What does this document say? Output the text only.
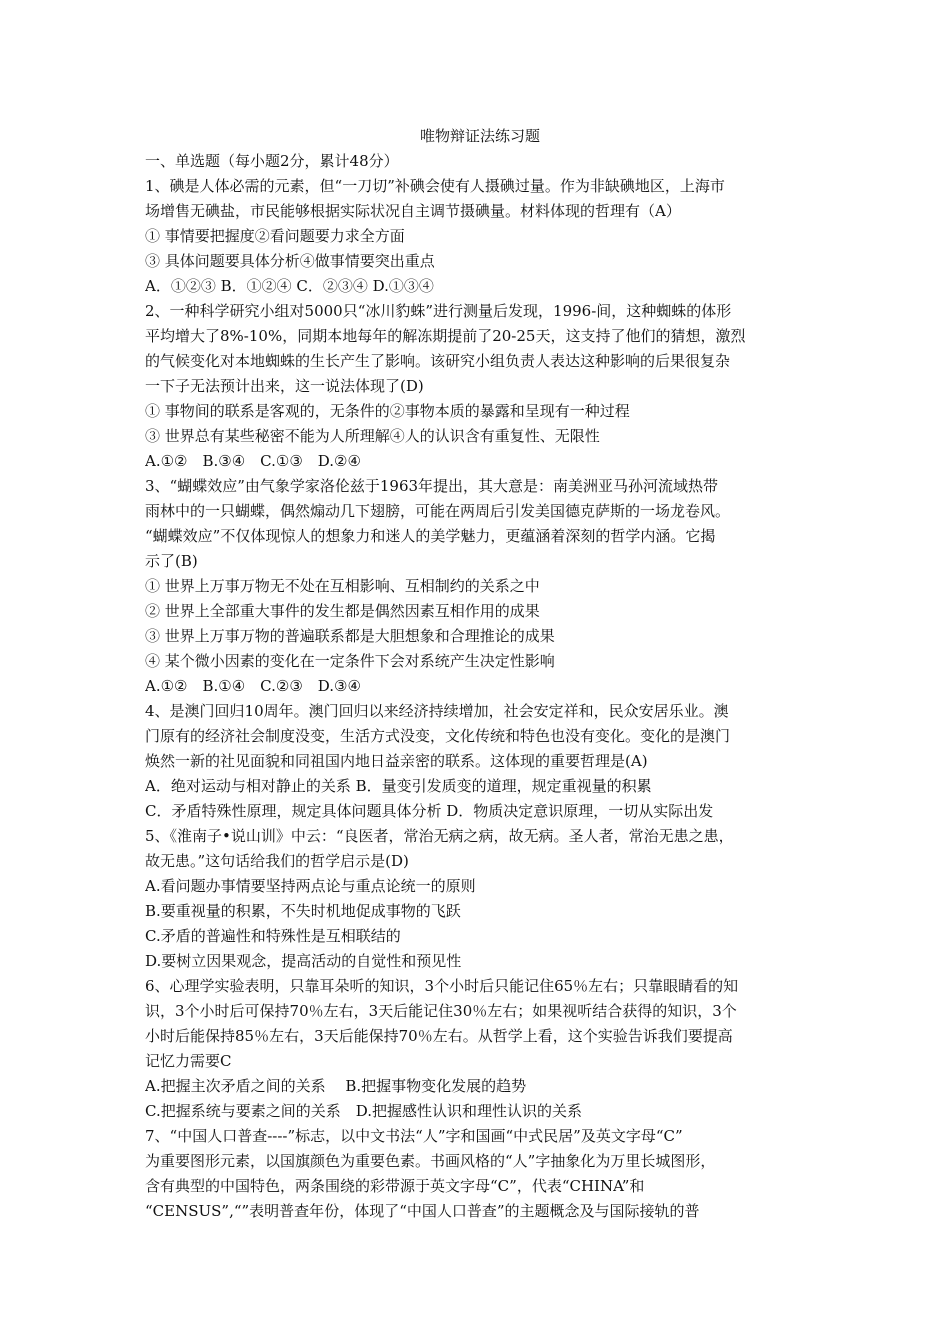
唯物辩证法练习题
一、单选题（每小题2分，累计48分）
1、碘是人体必需的元素，但“一刀切”补碘会使有人摄碘过量。作为非缺碘地区，上海市
场增售无碘盐，市民能够根据实际状况自主调节摄碘量。材料体现的哲理有（A）
① 事情要把握度②看问题要力求全方面
③ 具体问题要具体分析④做事情要突出重点
A．①②③ B．①②④ C．②③④ D.①③④
2、一种科学研究小组对5000只“冰川豹蛛”进行测量后发现，1996-间，这种蜘蛛的体形
平均增大了8%-10%，同期本地每年的解冻期提前了20-25天，这支持了他们的猜想，激烈
的气候变化对本地蜘蛛的生长产生了影响。该研究小组负责人表达这种影响的后果很复杂
一下子无法预计出来，这一说法体现了(D)
① 事物间的联系是客观的，无条件的②事物本质的暴露和呈现有一种过程
③ 世界总有某些秘密不能为人所理解④人的认识含有重复性、无限性
A.①②　B.③④　C.①③　D.②④
3、“蝴蝶效应”由气象学家洛伦兹于1963年提出，其大意是：南美洲亚马孙河流域热带
雨林中的一只蝴蝶，偶然煽动几下翅膀，可能在两周后引发美国德克萨斯的一场龙卷风。
“蝴蝶效应”不仅体现惊人的想象力和迷人的美学魅力，更蕴涵着深刻的哲学内涵。它揭
示了(B)
① 世界上万事万物无不处在互相影响、互相制约的关系之中
② 世界上全部重大事件的发生都是偶然因素互相作用的成果
③ 世界上万事万物的普遍联系都是大胆想象和合理推论的成果
④ 某个微小因素的变化在一定条件下会对系统产生决定性影响
A.①②　B.①④　C.②③　D.③④
4、是澳门回归10周年。澳门回归以来经济持续增加，社会安定祥和，民众安居乐业。澳
门原有的经济社会制度没变，生活方式没变，文化传统和特色也没有变化。变化的是澳门
焕然一新的社见面貌和同祖国内地日益亲密的联系。这体现的重要哲理是(A)
A．绝对运动与相对静止的关系 B．量变引发质变的道理，规定重视量的积累
C．矛盾特殊性原理，规定具体问题具体分析 D．物质决定意识原理，一切从实际出发
5、《淮南子•说山训》中云：“良医者，常治无病之病，故无病。圣人者，常治无患之患，
故无患。”这句话给我们的哲学启示是(D)
A.看问题办事情要坚持两点论与重点论统一的原则
B.要重视量的积累，不失时机地促成事物的飞跃
C.矛盾的普遍性和特殊性是互相联结的
D.要树立因果观念，提高活动的自觉性和预见性
6、心理学实验表明，只靠耳朵听的知识，3个小时后只能记住65％左右；只靠眼睛看的知
识，3个小时后可保持70％左右，3天后能记住30％左右；如果视听结合获得的知识，3个
小时后能保持85％左右，3天后能保持70％左右。从哲学上看，这个实验告诉我们要提高
记忆力需要C
A.把握主次矛盾之间的关系　 B.把握事物变化发展的趋势
C.把握系统与要素之间的关系　D.把握感性认识和理性认识的关系
7、“中国人口普查----”标志，以中文书法“人”字和国画“中式民居”及英文字母“C”
为重要图形元素，以国旗颜色为重要色素。书画风格的“人”字抽象化为万里长城图形，
含有典型的中国特色，两条围绕的彩带源于英文字母“C”，代表“CHINA”和
“CENSUS”,“”表明普查年份，体现了“中国人口普查”的主题概念及与国际接轨的普
